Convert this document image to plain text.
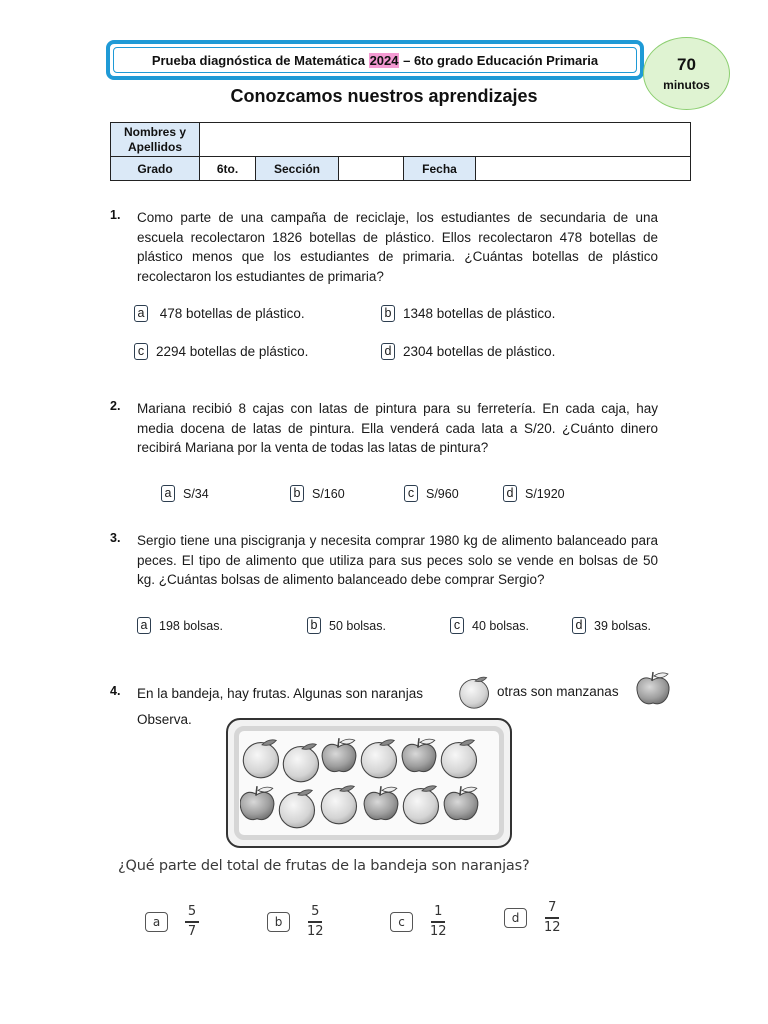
Prueba diagnóstica de Matemática 2024 – 6to grado Educación Primaria	70
minutos
Conozcamos nuestros aprendizajes
Nombres y
Apellidos					

Grado	6to.	Sección		Fecha	
1. Como parte de una campaña de reciclaje, los estudiantes de secundaria de una escuela recolectaron 1826 botellas de plástico. Ellos recolectaron 478 botellas de plástico menos que los estudiantes de primaria. ¿Cuántas botellas de plástico recolectaron los estudiantes de primaria?
a 478 botellas de plástico.	b 1348 botellas de plástico.
c 2294 botellas de plástico.	d 2304 botellas de plástico.
2. Mariana recibió 8 cajas con latas de pintura para su ferretería. En cada caja, hay media docena de latas de pintura. Ella venderá cada lata a S/20. ¿Cuánto dinero recibirá Mariana por la venta de todas las latas de pintura?
a S/34	b S/160	c S/960	d S/1920
3. Sergio tiene una piscigranja y necesita comprar 1980 kg de alimento balanceado para peces. El tipo de alimento que utiliza para sus peces solo se vende en bolsas de 50 kg. ¿Cuántas bolsas de alimento balanceado debe comprar Sergio?
a 198 bolsas.	b 50 bolsas.	c 40 bolsas.	d 39 bolsas.
4. En la bandeja, hay frutas. Algunas son naranjas	otras son manzanas
Observa.
¿Qué parte del total de frutas de la bandeja son naranjas?
a	$\frac{5}{7}$	b	$\frac{5}{12}$	c	$\frac{1}{12}$	d	$\frac{7}{12}$
